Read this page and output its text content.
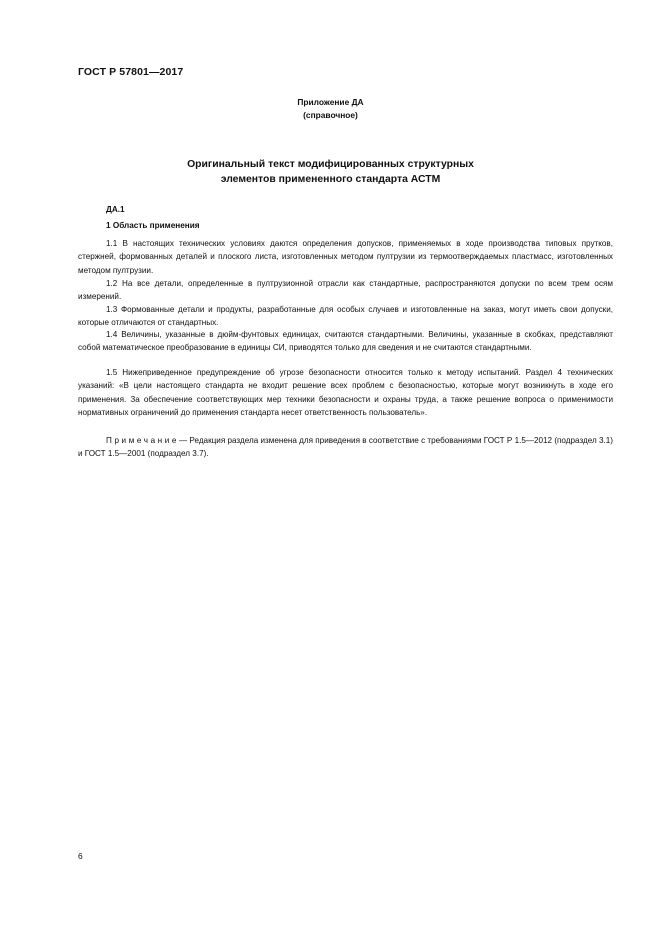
ГОСТ Р 57801—2017
Приложение ДА
(справочное)
Оригинальный текст модифицированных структурных
элементов примененного стандарта АСТМ
ДА.1
1 Область применения

1.1 В настоящих технических условиях даются определения допусков, применяемых в ходе производства типовых прутков, стержней, формованных деталей и плоского листа, изготовленных методом пултрузии из термоотверждаемых пластмасс, изготовленных методом пултрузии.

1.2 На все детали, определенные в пултрузионной отрасли как стандартные, распространяются допуски по всем трем осям измерений.

1.3 Формованные детали и продукты, разработанные для особых случаев и изготовленные на заказ, могут иметь свои допуски, которые отличаются от стандартных.

1.4 Величины, указанные в дюйм-фунтовых единицах, считаются стандартными. Величины, указанные в скобках, представляют собой математическое преобразование в единицы СИ, приводятся только для сведения и не считаются стандартными.

1.5 Нижеприведенное предупреждение об угрозе безопасности относится только к методу испытаний. Раздел 4 технических указаний: «В цели настоящего стандарта не входит решение всех проблем с безопасностью, которые могут возникнуть в ходе его применения. За обеспечение соответствующих мер техники безопасности и охраны труда, а также решение вопроса о применимости нормативных ограничений до применения стандарта несет ответственность пользователь».

Примечание— Редакция раздела изменена для приведения в соответствие с требованиями ГОСТ Р 1.5—2012 (подраздел 3.1) и ГОСТ 1.5—2001 (подраздел 3.7).

6
